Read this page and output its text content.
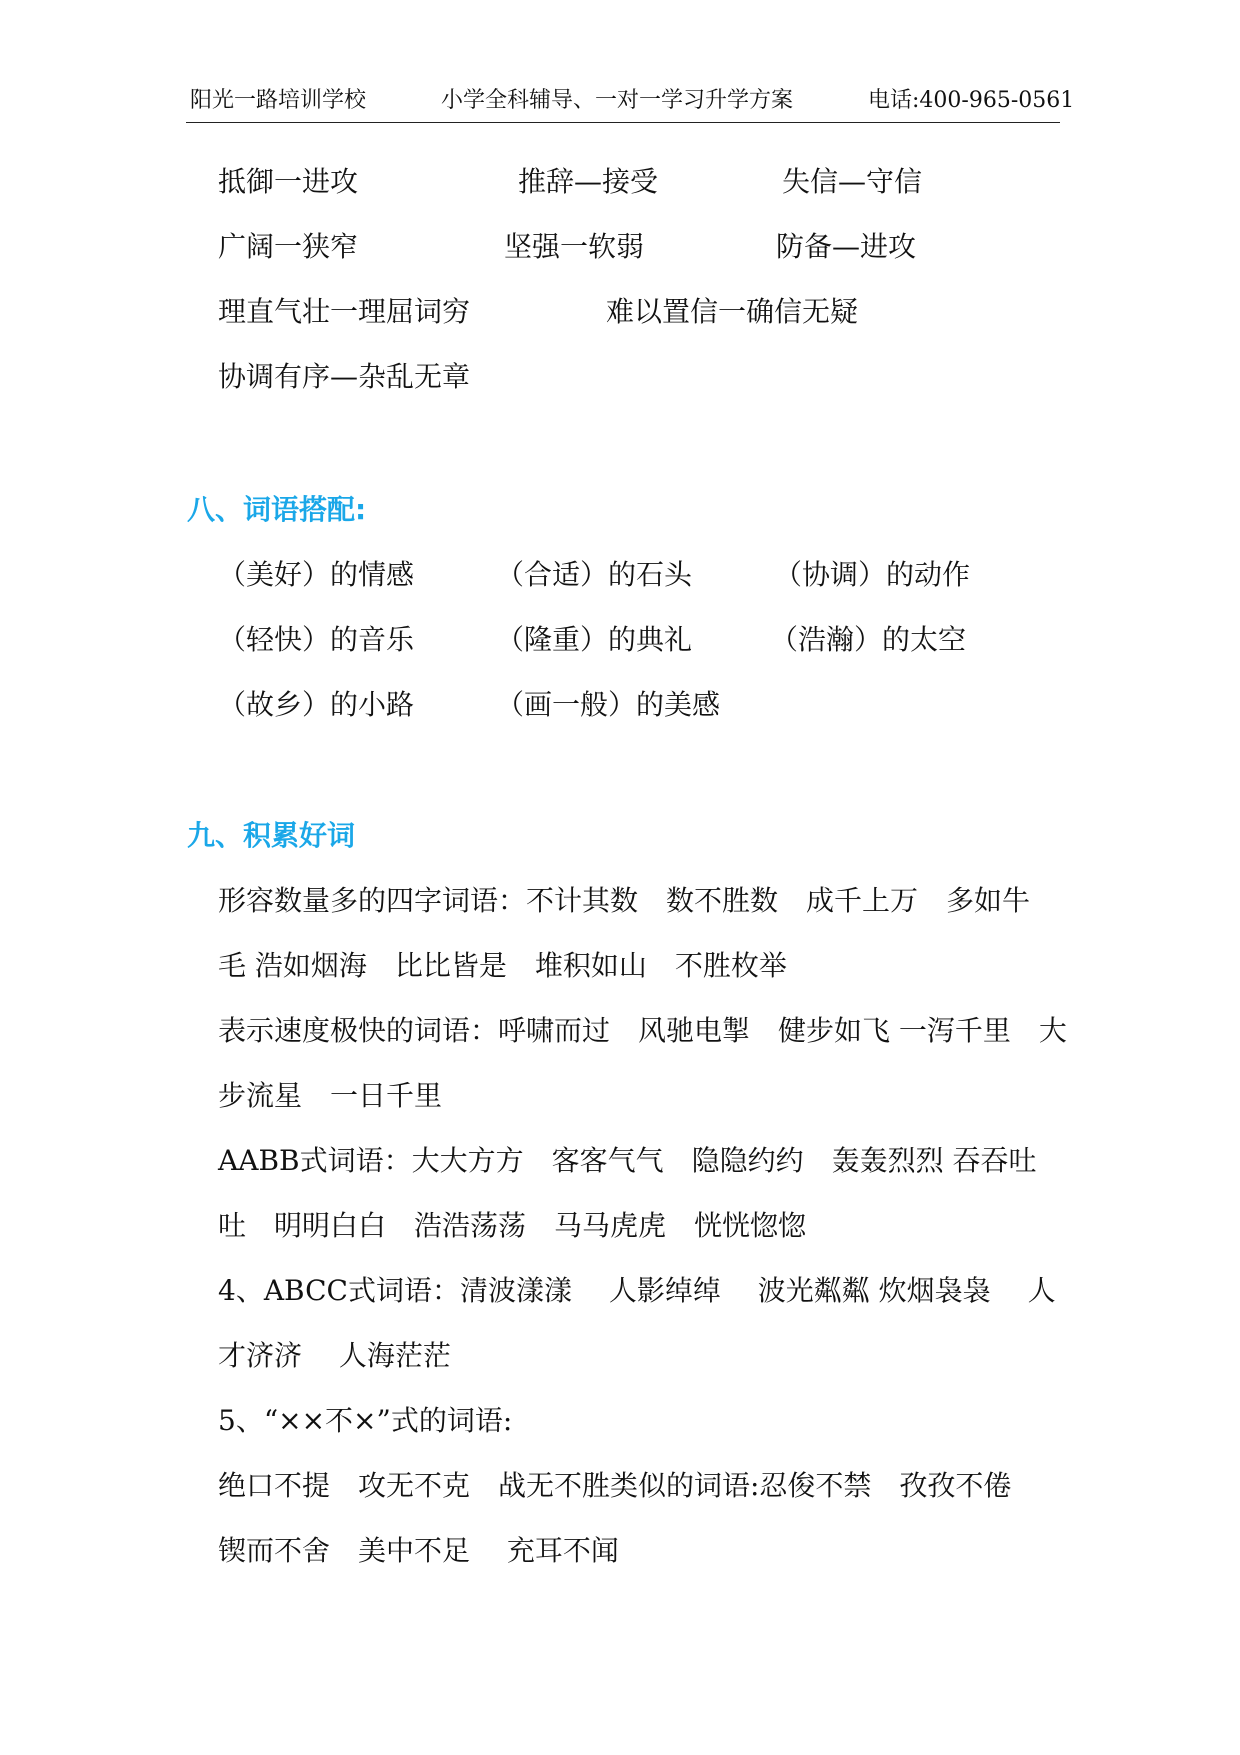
阳光一路培训学校	小学全科辅导、一对一学习升学方案	电话:400-965-0561
抵御一进攻	推辞—接受	失信—守信
广阔一狭窄	坚强一软弱	防备—进攻
理直气壮一理屈词穷	难以置信一确信无疑
协调有序—杂乱无章
八、词语搭配:
（美好）的情感	（合适）的石头	（协调）的动作
（轻快）的音乐	（隆重）的典礼	（浩瀚）的太空
（故乡）的小路	（画一般）的美感
九、积累好词
形容数量多的四字词语：不计其数　数不胜数　成千上万　多如牛
毛 浩如烟海　比比皆是　堆积如山　不胜枚举
表示速度极快的词语：呼啸而过　风驰电掣　健步如飞 一泻千里　大
步流星　一日千里
AABB式词语：大大方方　客客气气　隐隐约约　轰轰烈烈 吞吞吐
吐　明明白白　浩浩荡荡　马马虎虎　恍恍惚惚
4、ABCC式词语：清波漾漾　 人影绰绰　 波光粼粼 炊烟袅袅　 人
才济济　 人海茫茫
5、“××不×”式的词语:
绝口不提　攻无不克　战无不胜类似的词语:忍俊不禁　孜孜不倦
锲而不舍　美中不足　 充耳不闻
